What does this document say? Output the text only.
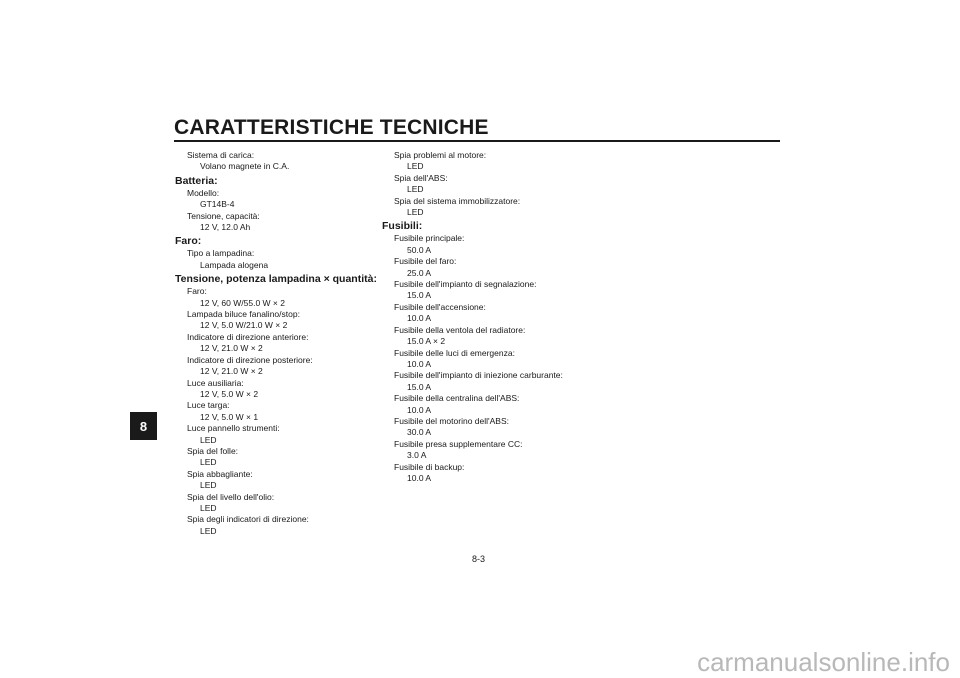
CARATTERISTICHE TECNICHE
8
Sistema di carica:
Volano magnete in C.A.
Batteria:
Modello:
GT14B-4
Tensione, capacità:
12 V, 12.0 Ah
Faro:
Tipo a lampadina:
Lampada alogena
Tensione, potenza lampadina × quantità:
Faro:
12 V, 60 W/55.0 W × 2
Lampada biluce fanalino/stop:
12 V, 5.0 W/21.0 W × 2
Indicatore di direzione anteriore:
12 V, 21.0 W × 2
Indicatore di direzione posteriore:
12 V, 21.0 W × 2
Luce ausiliaria:
12 V, 5.0 W × 2
Luce targa:
12 V, 5.0 W × 1
Luce pannello strumenti:
LED
Spia del folle:
LED
Spia abbagliante:
LED
Spia del livello dell'olio:
LED
Spia degli indicatori di direzione:
LED
Spia problemi al motore:
LED
Spia dell'ABS:
LED
Spia del sistema immobilizzatore:
LED
Fusibili:
Fusibile principale:
50.0 A
Fusibile del faro:
25.0 A
Fusibile dell'impianto di segnalazione:
15.0 A
Fusibile dell'accensione:
10.0 A
Fusibile della ventola del radiatore:
15.0 A × 2
Fusibile delle luci di emergenza:
10.0 A
Fusibile dell'impianto di iniezione carburante:
15.0 A
Fusibile della centralina dell'ABS:
10.0 A
Fusibile del motorino dell'ABS:
30.0 A
Fusibile presa supplementare CC:
3.0 A
Fusibile di backup:
10.0 A
8-3
carmanualsonline.info
